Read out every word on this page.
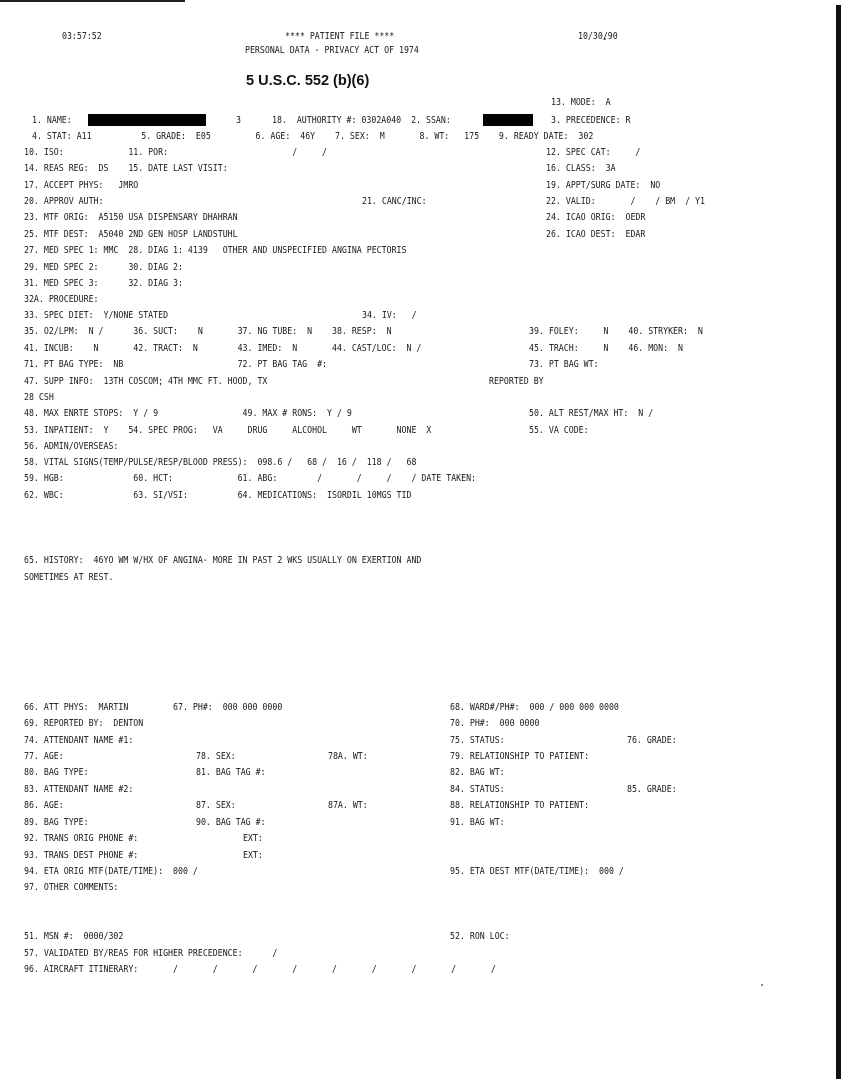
03:57:52	**** PATIENT FILE ****
PERSONAL DATA - PRIVACY ACT OF 1974
10/30/90
5 U.S.C. 552 (b)(6)
13. MODE:  A
1. NAME:	3	18.  AUTHORITY #: 0302A040  2. SSAN:	3. PRECEDENCE: R
4. STAT: A11          5. GRADE:  E05         6. AGE:  46Y    7. SEX:  M       8. WT:   175    9. READY DATE:  302
10. ISO:             11. POR:                         /     /	12. SPEC CAT:     /
14. REAS REG:  DS    15. DATE LAST VISIT:	16. CLASS:  3A
17. ACCEPT PHYS:   JMRO	19. APPT/SURG DATE:  NO
20. APPROV AUTH:	21. CANC/INC:	22. VALID:       /    / BM  / Y1
23. MTF ORIG:  A5150 USA DISPENSARY DHAHRAN	24. ICAO ORIG:  OEDR
25. MTF DEST:  A5040 2ND GEN HOSP LANDSTUHL	26. ICAO DEST:  EDAR
27. MED SPEC 1: MMC  28. DIAG 1: 4139   OTHER AND UNSPECIFIED ANGINA PECTORIS
29. MED SPEC 2:      30. DIAG 2:
31. MED SPEC 3:      32. DIAG 3:
32A. PROCEDURE:
33. SPEC DIET:  Y/NONE STATED	34. IV:   /
35. O2/LPM:  N /      36. SUCT:    N       37. NG TUBE:  N    38. RESP:  N	39. FOLEY:     N    40. STRYKER:  N
41. INCUB:    N       42. TRACT:  N        43. IMED:  N       44. CAST/LOC:  N /	45. TRACH:     N    46. MON:  N
71. PT BAG TYPE:  NB                       72. PT BAG TAG  #:	73. PT BAG WT:
47. SUPP INFO:  13TH COSCOM; 4TH MMC FT. HOOD, TX	REPORTED BY
28 CSH
48. MAX ENRTE STOPS:  Y / 9                 49. MAX # RONS:  Y / 9	50. ALT REST/MAX HT:  N /
53. INPATIENT:  Y    54. SPEC PROG:   VA     DRUG     ALCOHOL     WT       NONE  X	55. VA CODE:
56. ADMIN/OVERSEAS:
58. VITAL SIGNS(TEMP/PULSE/RESP/BLOOD PRESS):  098.6 /   68 /  16 /  118 /   68
59. HGB:              60. HCT:             61. ABG:        /       /     /    / DATE TAKEN:
62. WBC:              63. SI/VSI:          64. MEDICATIONS:  ISORDIL 10MGS TID
65. HISTORY:  46YO WM W/HX OF ANGINA- MORE IN PAST 2 WKS USUALLY ON EXERTION AND
SOMETIMES AT REST.
66. ATT PHYS:  MARTIN         67. PH#:  000 000 0000	68. WARD#/PH#:  000 / 000 000 0000
69. REPORTED BY:  DENTON	70. PH#:  000 0000
74. ATTENDANT NAME #1:	75. STATUS:	76. GRADE:
77. AGE:	78. SEX:	78A. WT:	79. RELATIONSHIP TO PATIENT:
80. BAG TYPE:	81. BAG TAG #:	82. BAG WT:
83. ATTENDANT NAME #2:	84. STATUS:	85. GRADE:
86. AGE:	87. SEX:	87A. WT:	88. RELATIONSHIP TO PATIENT:
89. BAG TYPE:	90. BAG TAG #:	91. BAG WT:
92. TRANS ORIG PHONE #:	EXT:
93. TRANS DEST PHONE #:	EXT:
94. ETA ORIG MTF(DATE/TIME):  000 /	95. ETA DEST MTF(DATE/TIME):  000 /
97. OTHER COMMENTS:
51. MSN #:  0000/302	52. RON LOC:
57. VALIDATED BY/REAS FOR HIGHER PRECEDENCE:      /
96. AIRCRAFT ITINERARY:       /       /       /       /       /       /       /       /       /
